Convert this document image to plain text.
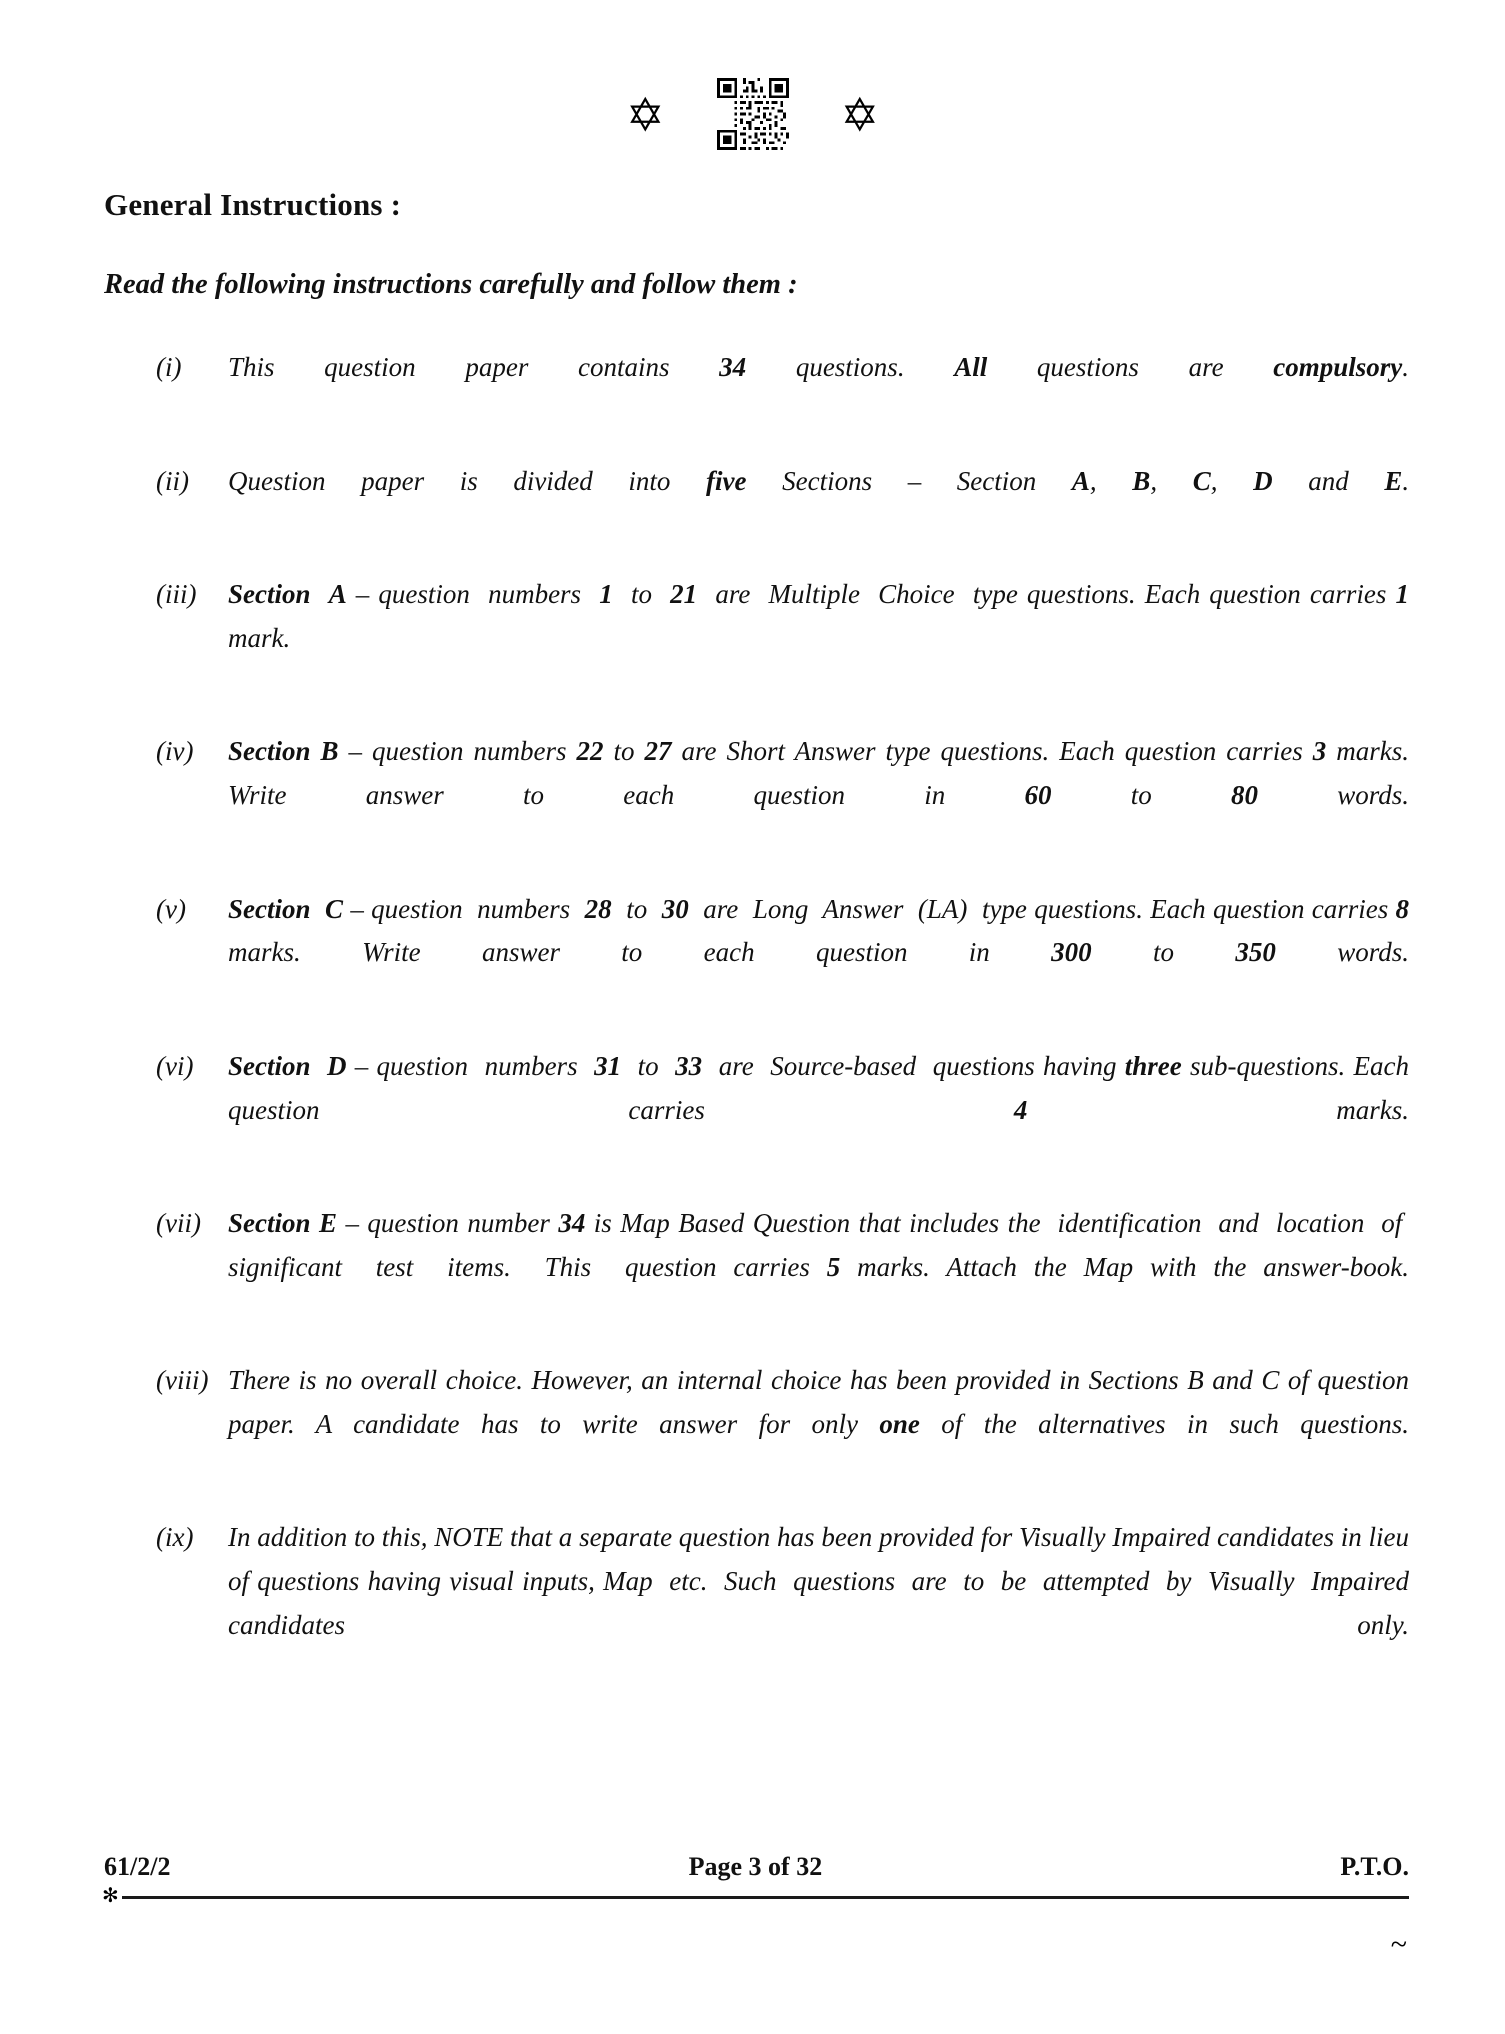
✡	✡
General Instructions :
Read the following instructions carefully and follow them :
(i)	This question paper contains 34 questions. All questions are compulsory.
(ii)	Question paper is divided into five Sections – Section A, B, C, D and E.
(iii)	Section  A – question  numbers  1  to  21  are  Multiple  Choice  type questions. Each question carries 1 mark.
(iv)	Section B – question numbers 22 to 27 are Short Answer type questions. Each question carries 3 marks. Write answer to each question in 60 to 80 words.
(v)	Section  C – question  numbers  28  to  30  are  Long  Answer  (LA)  type questions. Each question carries 8 marks. Write answer to each question in 300 to 350 words.
(vi)	Section  D – question  numbers  31  to  33  are  Source-based  questions having three sub-questions. Each question carries 4 marks.
(vii)	Section E – question number 34 is Map Based Question that includes the  identification  and  location  of  significant  test  items.  This  question carries 5 marks. Attach the Map with the answer-book.
(viii) There is no overall choice. However, an internal choice has been provided in Sections B and C of question paper. A candidate has to write answer for only one of the alternatives in such questions.
(ix)	In addition to this, NOTE that a separate question has been provided for Visually Impaired candidates in lieu of questions having visual inputs, Map  etc.  Such  questions  are  to  be  attempted  by  Visually  Impaired candidates only.
61/2/2	Page 3 of 32	P.T.O.
✻
~
